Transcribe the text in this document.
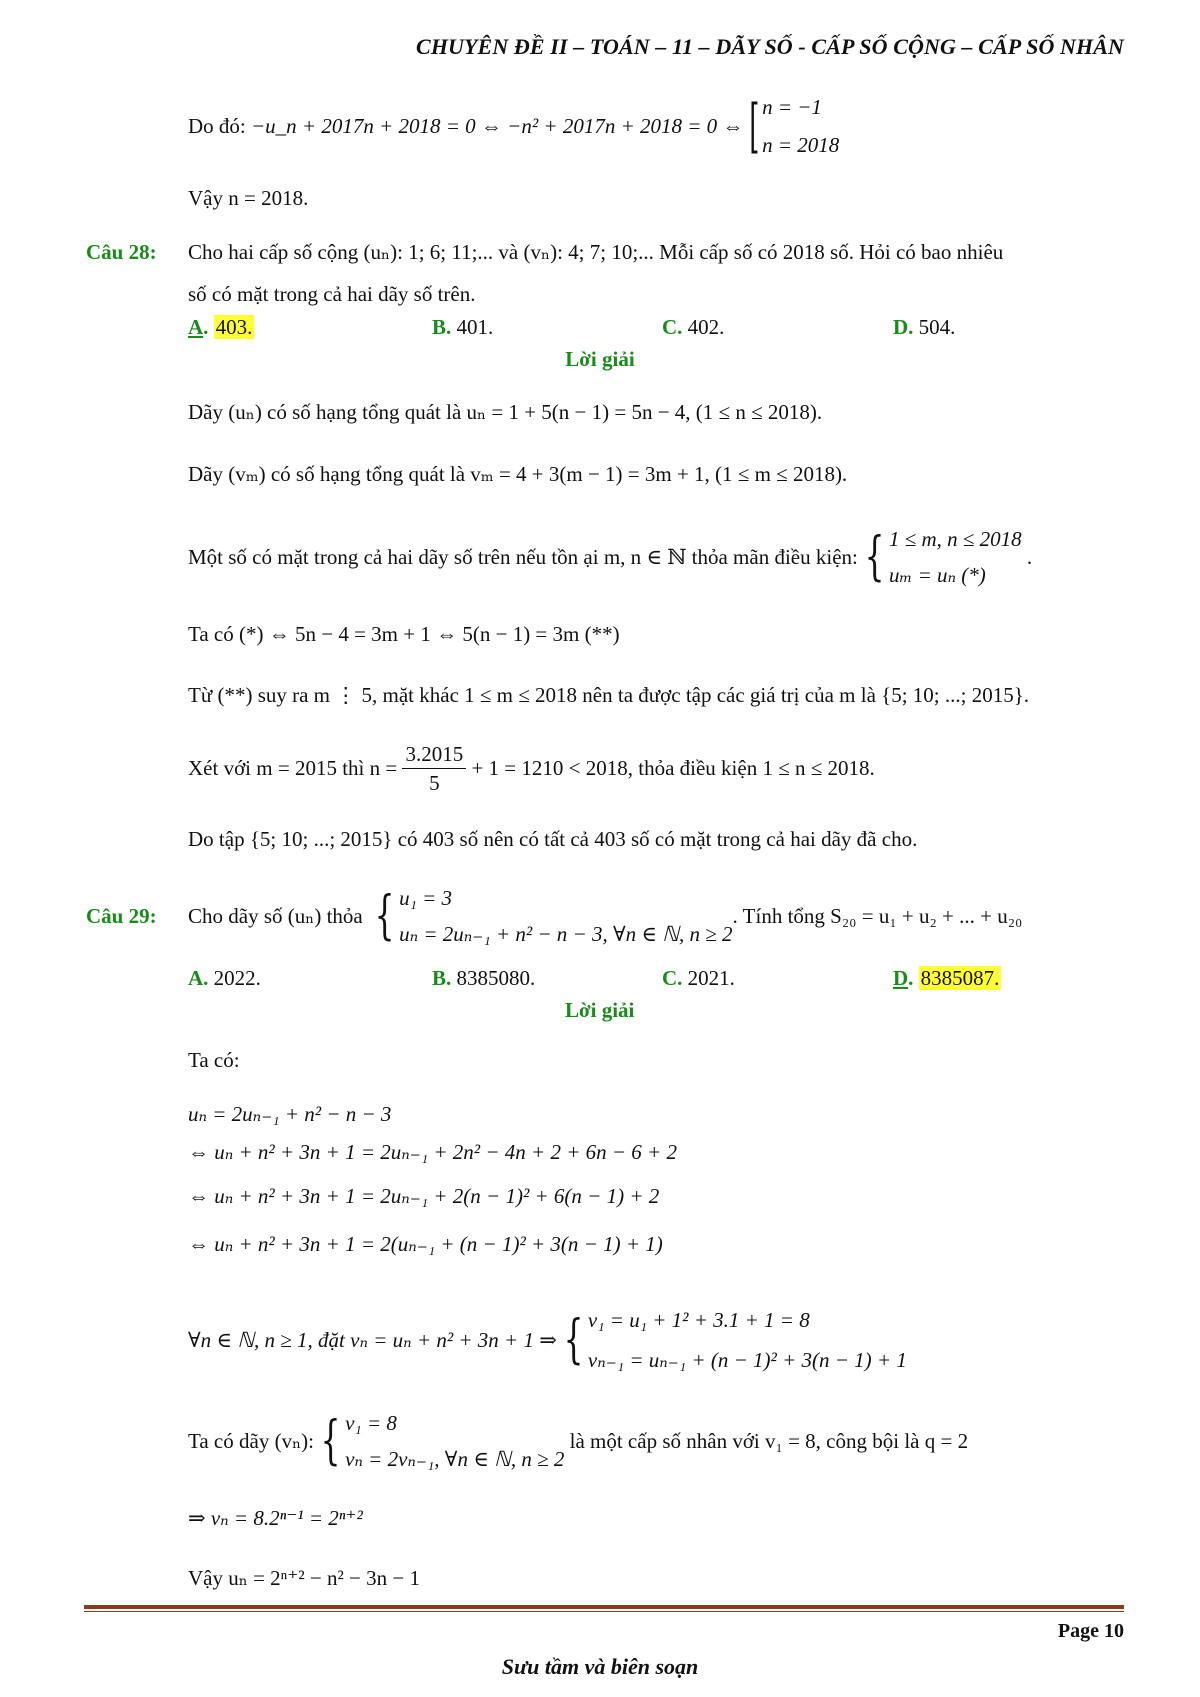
CHUYÊN ĐỀ II – TOÁN – 11 – DÃY SỐ - CẤP SỐ CỘNG – CẤP SỐ NHÂN
Do đó:
−u_n + 2017n + 2018 = 0 ⇔ −n² + 2017n + 2018 = 0 ⇔ [ n = −1
n = 2018
Vậy n = 2018.
Câu 28: Cho hai cấp số cộng (uₙ): 1; 6; 11;... và (vₙ): 4; 7; 10;... Mỗi cấp số có 2018 số. Hỏi có bao nhiêu
số có mặt trong cả hai dãy số trên.
A. 403.	B. 401.	C. 402.	D. 504.
Lời giải
Dãy (uₙ) có số hạng tổng quát là uₙ = 1 + 5(n − 1) = 5n − 4, (1 ≤ n ≤ 2018).
Dãy (vₘ) có số hạng tổng quát là vₘ = 4 + 3(m − 1) = 3m + 1, (1 ≤ m ≤ 2018).
Một số có mặt trong cả hai dãy số trên nếu tồn ại m, n ∈ ℕ thỏa mãn điều kiện: { 1 ≤ m, n ≤ 2018
uₘ = uₙ (*)
.
Ta có (*) ⇔ 5n − 4 = 3m + 1 ⇔ 5(n − 1) = 3m (**)
Từ (**) suy ra m ⋮ 5, mặt khác 1 ≤ m ≤ 2018 nên ta được tập các giá trị của m là {5; 10; ...; 2015}.
Xét với m = 2015 thì n =
$\frac{3.2015}{5}$
+ 1 = 1210 < 2018, thỏa điều kiện 1 ≤ n ≤ 2018.
Do tập {5; 10; ...; 2015} có 403 số nên có tất cả 403 số có mặt trong cả hai dãy đã cho.
Câu 29:	Cho dãy số (uₙ) thỏa
{ u₁ = 3
uₙ = 2uₙ₋₁ + n² − n − 3, ∀n ∈ ℕ, n ≥ 2
. Tính tổng S₂₀ = u₁ + u₂ + ... + u₂₀
A. 2022.	B. 8385080.	C. 2021.	D. 8385087.
Lời giải
Ta có:
uₙ = 2uₙ₋₁ + n² − n − 3
⇔ uₙ + n² + 3n + 1 = 2uₙ₋₁ + 2n² − 4n + 2 + 6n − 6 + 2
⇔ uₙ + n² + 3n + 1 = 2uₙ₋₁ + 2(n − 1)² + 6(n − 1) + 2
⇔ uₙ + n² + 3n + 1 = 2(uₙ₋₁ + (n − 1)² + 3(n − 1) + 1)
∀n ∈ ℕ, n ≥ 1, đặt vₙ = uₙ + n² + 3n + 1 ⇒ { v₁ = u₁ + 1² + 3.1 + 1 = 8
vₙ₋₁ = uₙ₋₁ + (n − 1)² + 3(n − 1) + 1
Ta có dãy (vₙ): { v₁ = 8
vₙ = 2vₙ₋₁, ∀n ∈ ℕ, n ≥ 2

là một cấp số nhân với v₁ = 8, công bội là q = 2
⇒ vₙ = 8.2ⁿ⁻¹ = 2ⁿ⁺²
Vậy uₙ = 2ⁿ⁺² − n² − 3n − 1
Page 10
Sưu tầm và biên soạn
